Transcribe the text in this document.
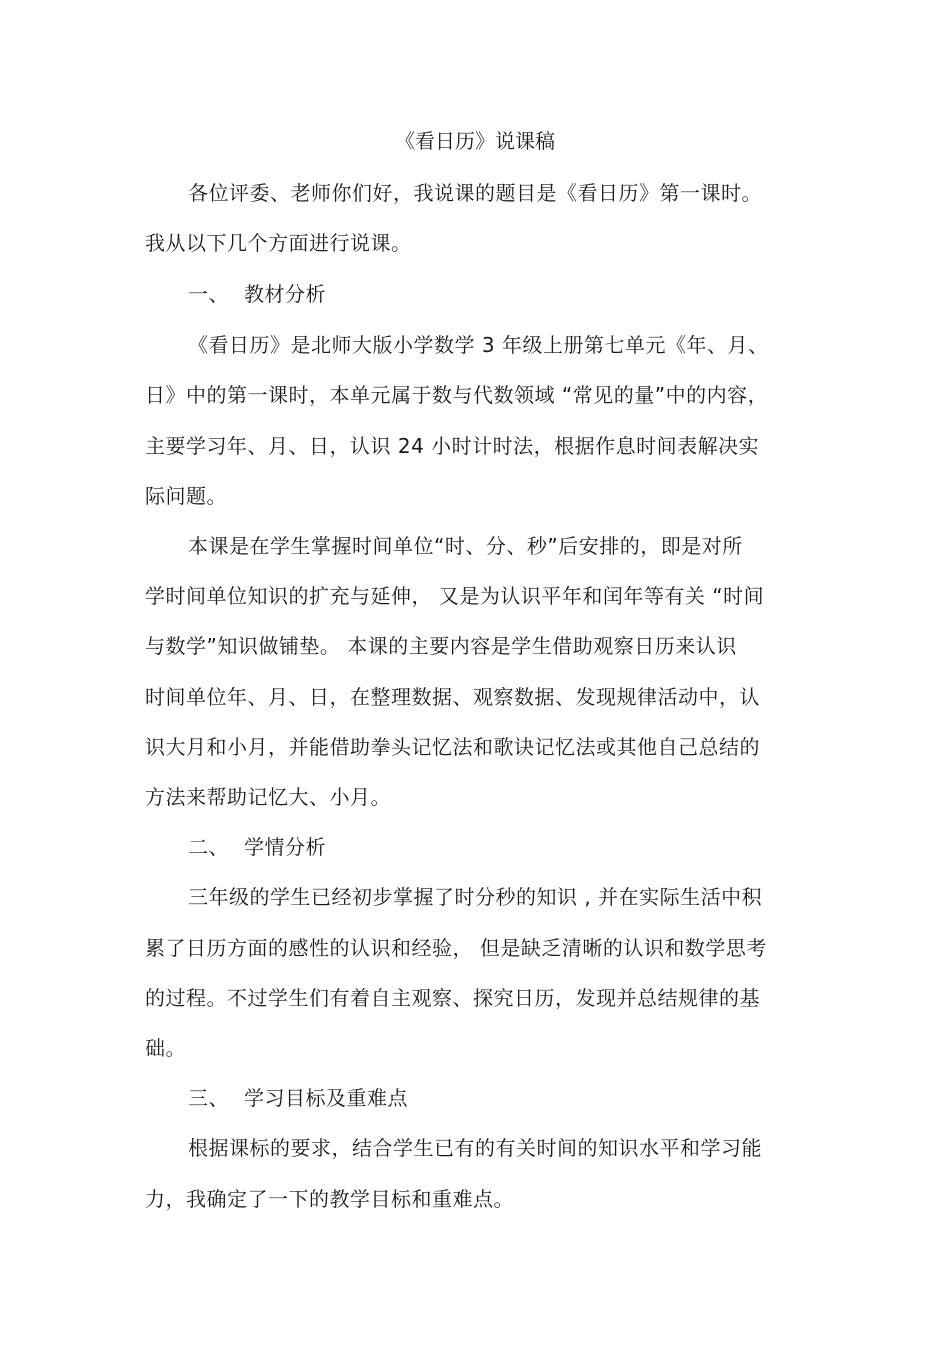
《看日历》说课稿
各位评委、老师你们好，我说课的题目是《看日历》第一课时。
我从以下几个方面进行说课。
一、 教材分析
《看日历》是北师大版小学数学 3 年级上册第七单元《年、月、
日》中的第一课时，本单元属于数与代数领域 “常见的量”中的内容，
主要学习年、月、日，认识 24 小时计时法，根据作息时间表解决实
际问题。
本课是在学生掌握时间单位“时、分、秒”后安排的，即是对所
学时间单位知识的扩充与延伸， 又是为认识平年和闰年等有关 “时间
与数学”知识做铺垫。 本课的主要内容是学生借助观察日历来认识
时间单位年、月、日，在整理数据、观察数据、发现规律活动中，认
识大月和小月，并能借助拳头记忆法和歌诀记忆法或其他自己总结的
方法来帮助记忆大、小月。
二、 学情分析
三年级的学生已经初步掌握了时分秒的知识 , 并在实际生活中积
累了日历方面的感性的认识和经验， 但是缺乏清晰的认识和数学思考
的过程。不过学生们有着自主观察、探究日历，发现并总结规律的基
础。
三、 学习目标及重难点
根据课标的要求，结合学生已有的有关时间的知识水平和学习能
力，我确定了一下的教学目标和重难点。
